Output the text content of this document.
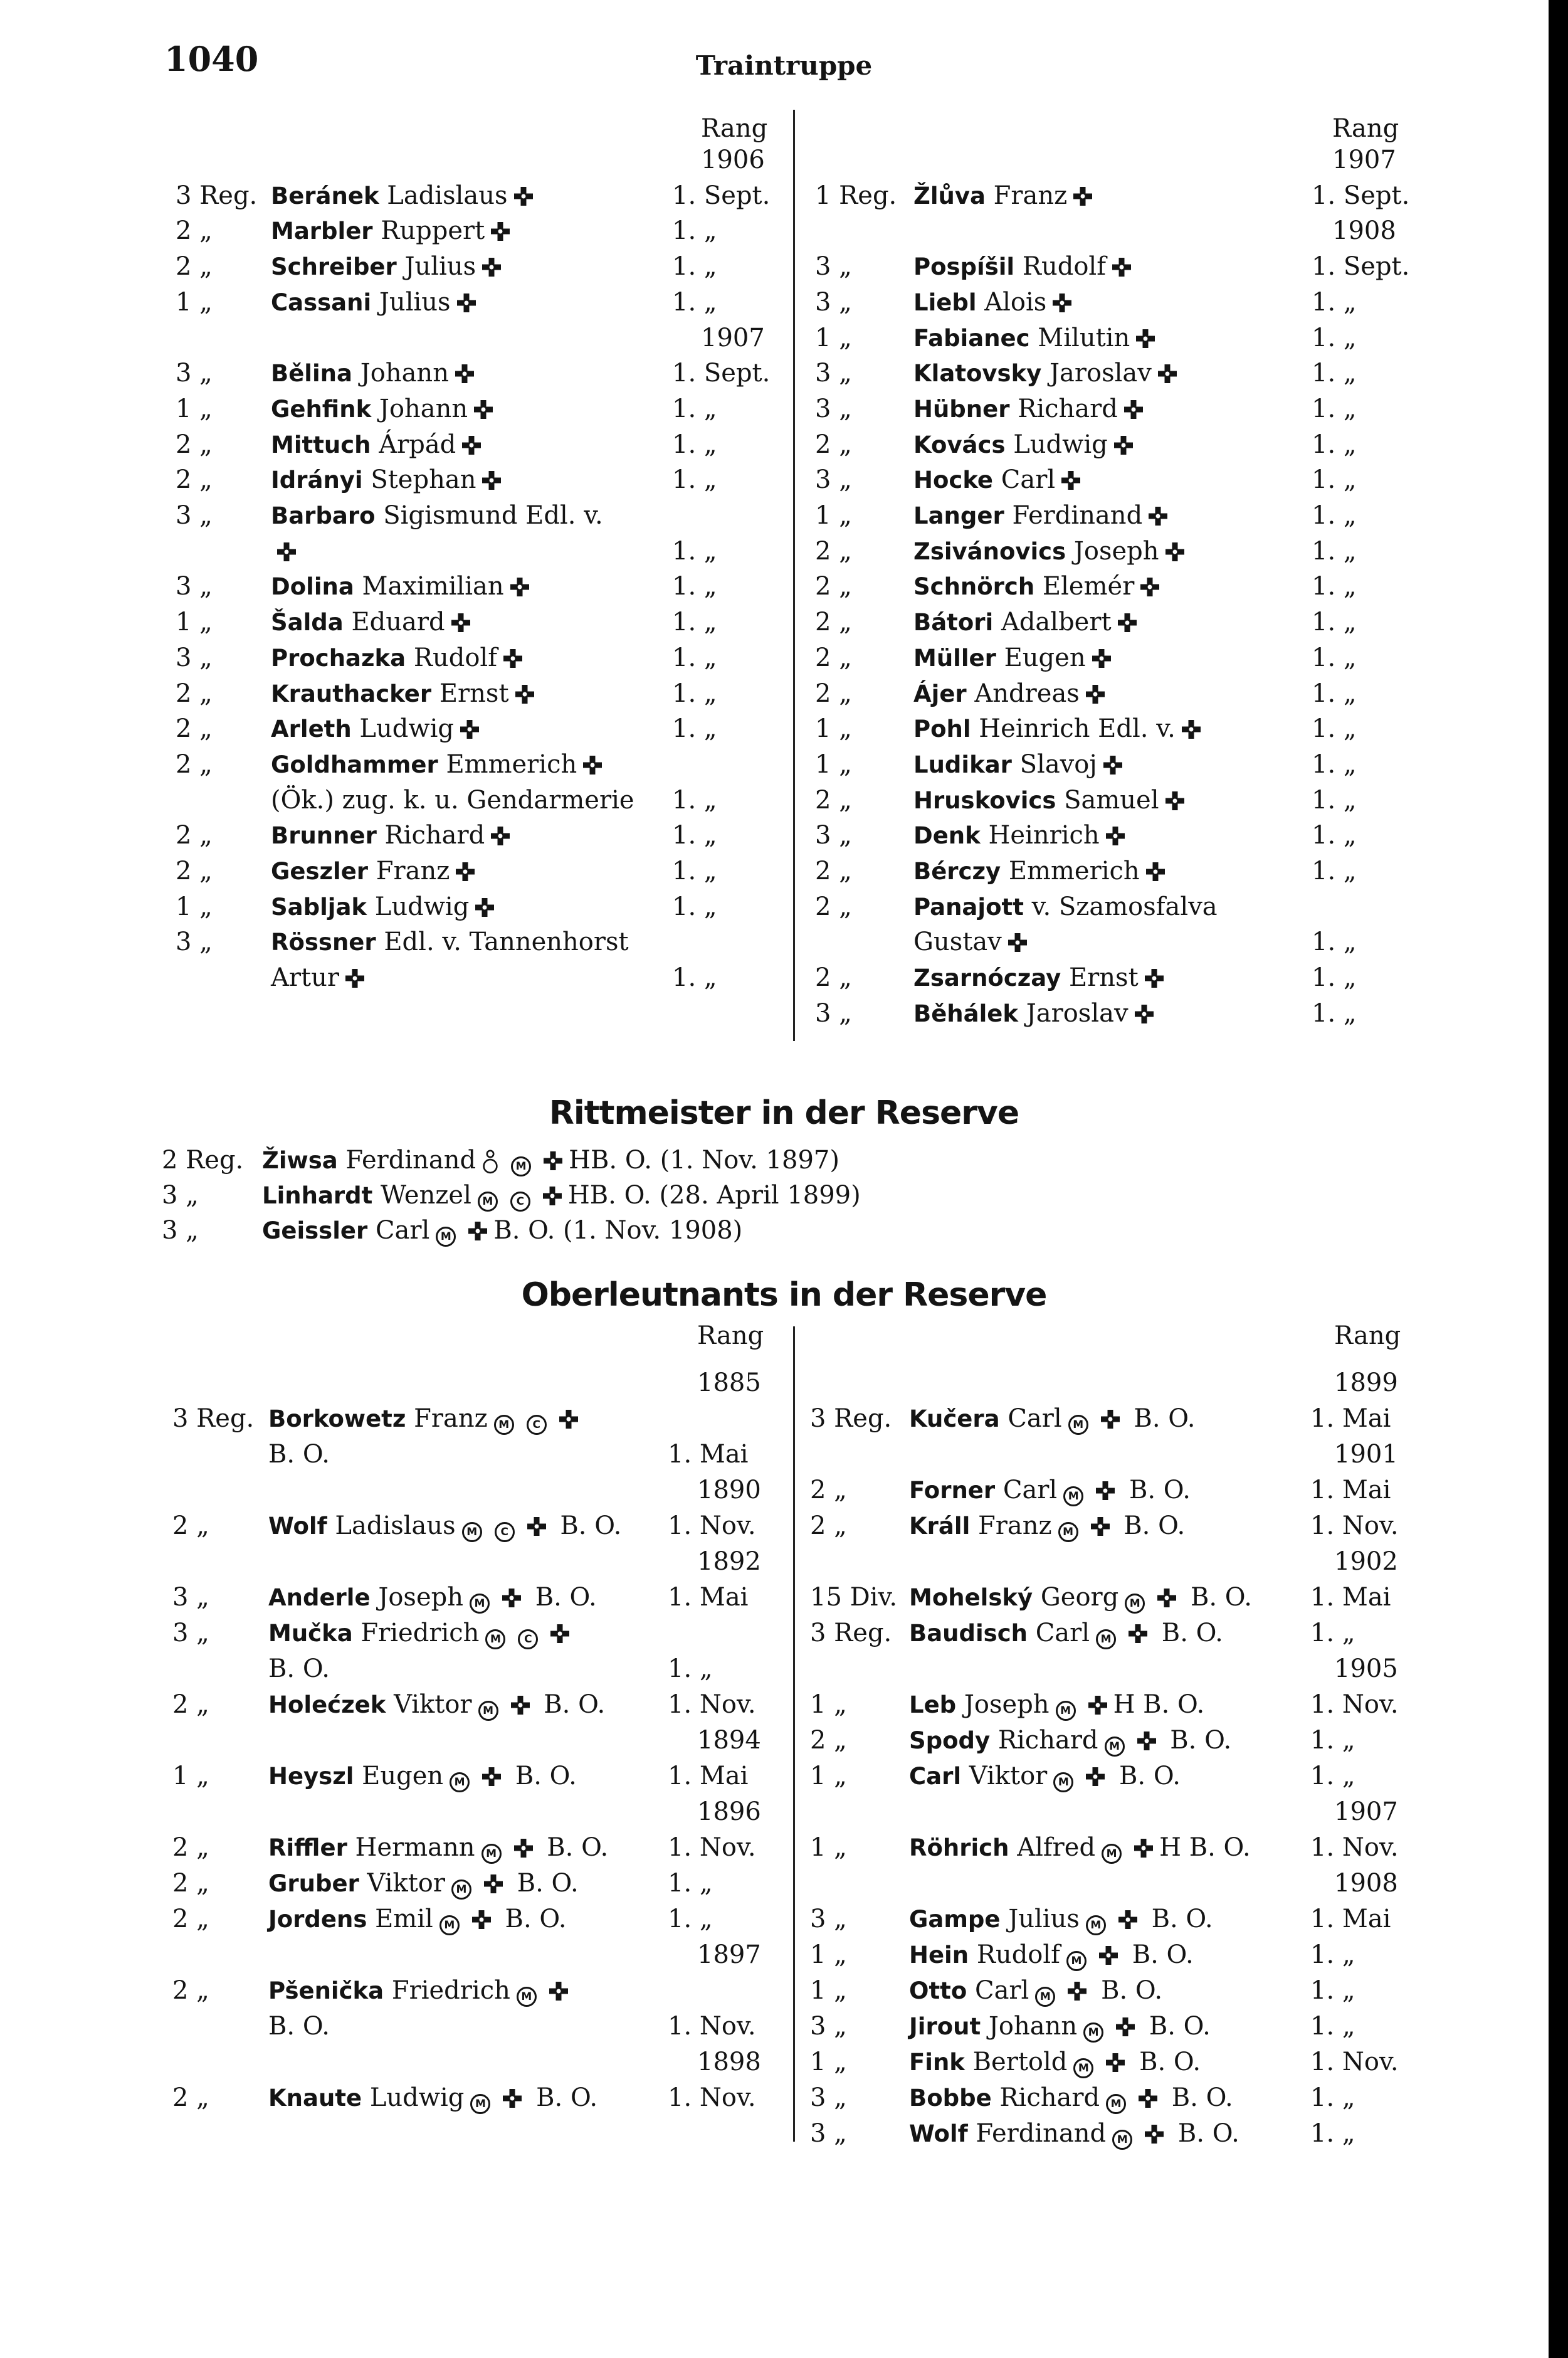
1040	Traintruppe
Rang
1906
3 Reg. Beránek Ladislaus	1. Sept.
2 „	Marbler Ruppert	1. „
2 „	Schreiber Julius	1. „
1 „	Cassani Julius	1. „
1907
3 „	Bělina Johann	1. Sept.
1 „	Gehfink Johann	1. „
2 „	Mittuch Árpád	1. „
2 „	Idrányi Stephan	1. „
3 „	Barbaro Sigismund Edl. v.
1. „
3 „	Dolina Maximilian	1. „
1 „	Šalda Eduard	1. „
3 „	Prochazka Rudolf	1. „
2 „	Krauthacker Ernst	1. „
2 „	Arleth Ludwig	1. „
2 „	Goldhammer Emmerich
(Ök.) zug. k. u. Gendarmerie 1. „
2 „	Brunner Richard	1. „
2 „	Geszler Franz	1. „
1 „	Sabljak Ludwig	1. „
3 „	Rössner Edl. v. Tannenhorst
Artur	1. „
Rang
1907
1 Reg. Žlůva Franz	1. Sept.
1908
3 „	Pospíšil Rudolf	1. Sept.
3 „	Liebl Alois	1. „
1 „	Fabianec Milutin	1. „
3 „	Klatovsky Jaroslav	1. „
3 „	Hübner Richard	1. „
2 „	Kovács Ludwig	1. „
3 „	Hocke Carl	1. „
1 „	Langer Ferdinand	1. „
2 „	Zsivánovics Joseph	1. „
2 „	Schnörch Elemér	1. „
2 „	Bátori Adalbert	1. „
2 „	Müller Eugen	1. „
2 „	Ájer Andreas	1. „
1 „	Pohl Heinrich Edl. v.	1. „
1 „	Ludikar Slavoj	1. „
2 „	Hruskovics Samuel	1. „
3 „	Denk Heinrich	1. „
2 „	Bérczy Emmerich	1. „
2 „	Panajott v. Szamosfalva
Gustav	1. „
2 „	Zsarnóczay Ernst	1. „
3 „	Běhálek Jaroslav	1. „
Rittmeister in der Reserve
2 Reg. Žiwsa Ferdinand	M HB. O. (1. Nov. 1897)
3 „	Linhardt Wenzel M C HB. O. (28. April 1899)
3 „	Geissler Carl M B. O. (1. Nov. 1908)
Oberleutnants in der Reserve
Rang
1885
3 Reg. Borkowetz Franz M C
B. O.	1. Mai
1890
2 „	Wolf Ladislaus M C B. O. 1. Nov.
1892
3 „	Anderle Joseph M B. O.	1. Mai
3 „	Mučka Friedrich M C
B. O.	1. „
2 „	Holećzek Viktor M B. O. 1. Nov.
1894
1 „	Heyszl Eugen M B. O.	1. Mai
1896
2 „	Riffler Hermann M B. O. 1. Nov.
2 „	Gruber Viktor M B. O.	1. „
2 „	Jordens Emil M B. O.	1. „
1897
2 „	Pšenička Friedrich M
B. O.	1. Nov.
1898
2 „	Knaute Ludwig M B. O.	1. Nov.
Rang
1899
3 Reg. Kučera Carl M B. O.	1. Mai
1901
2 „	Forner Carl M B. O.	1. Mai
2 „	Králl Franz M B. O.	1. Nov.
1902
15 Div. Mohelský Georg M B. O. 1. Mai
3 Reg. Baudisch Carl M B. O.	1. „
1905
1 „	Leb Joseph M H B. O.	1. Nov.
2 „	Spody Richard M B. O.	1. „
1 „	Carl Viktor M B. O.	1. „
1907
1 „	Röhrich Alfred M H B. O. 1. Nov.
1908
3 „	Gampe Julius M B. O.	1. Mai
1 „	Hein Rudolf M B. O.	1. „
1 „	Otto Carl M B. O.	1. „
3 „	Jirout Johann M B. O.	1. „
1 „	Fink Bertold M B. O.	1. Nov.
3 „	Bobbe Richard M B. O.	1. „
3 „	Wolf Ferdinand M B. O.	1. „
